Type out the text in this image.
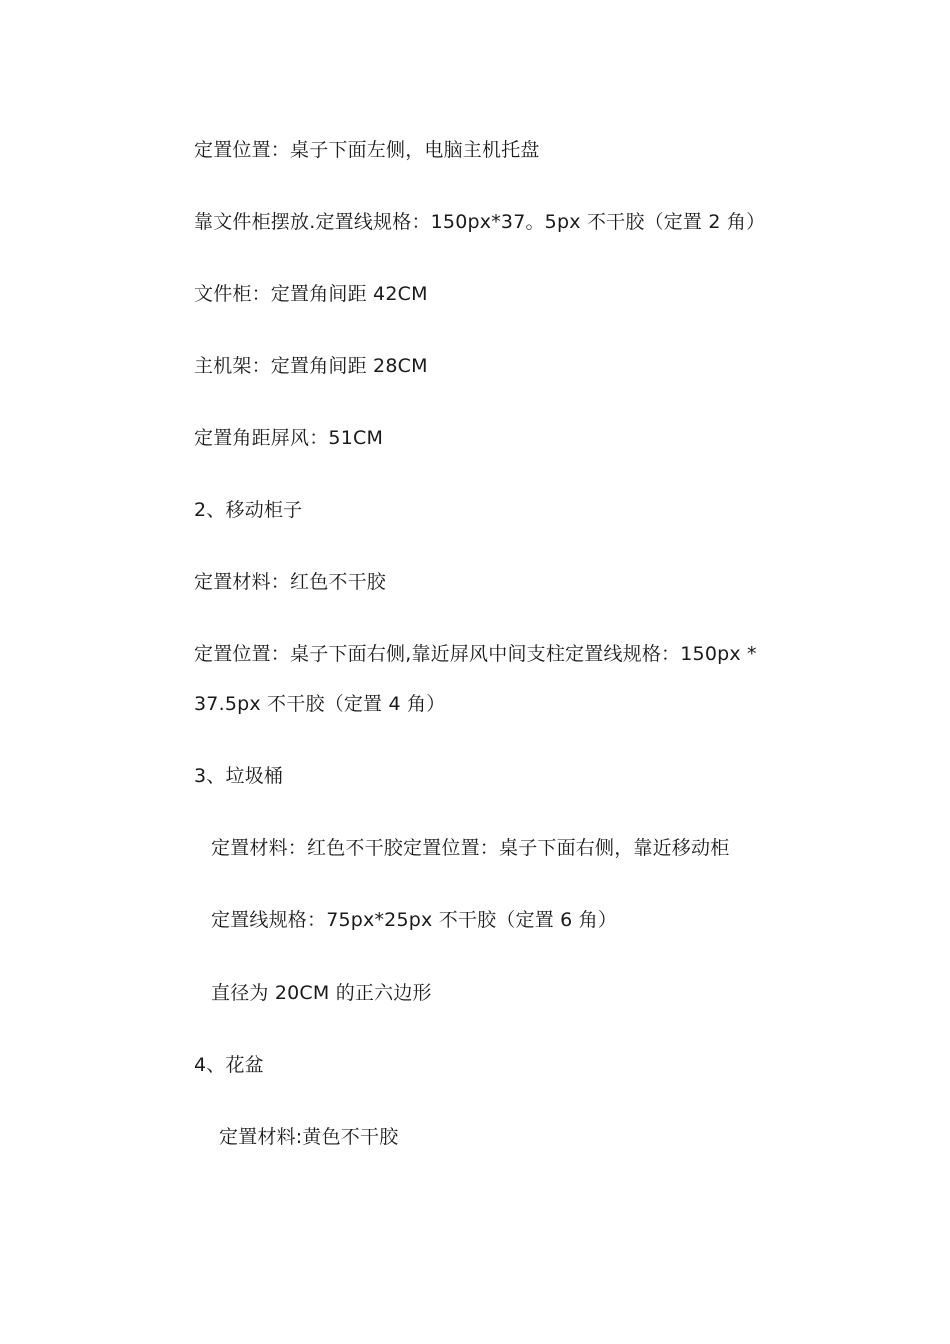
定置位置：桌子下面左侧，电脑主机托盘
靠文件柜摆放.定置线规格：150px*37。5px 不干胶（定置 2 角）
文件柜：定置角间距 42CM
主机架：定置角间距 28CM
定置角距屏风：51CM
2、移动柜子
定置材料：红色不干胶
定置位置：桌子下面右侧,靠近屏风中间支柱定置线规格：150px *
37.5px 不干胶（定置 4 角）
3、垃圾桶
定置材料：红色不干胶定置位置：桌子下面右侧，靠近移动柜
定置线规格：75px*25px 不干胶（定置 6 角）
直径为 20CM 的正六边形
4、花盆
定置材料:黄色不干胶
